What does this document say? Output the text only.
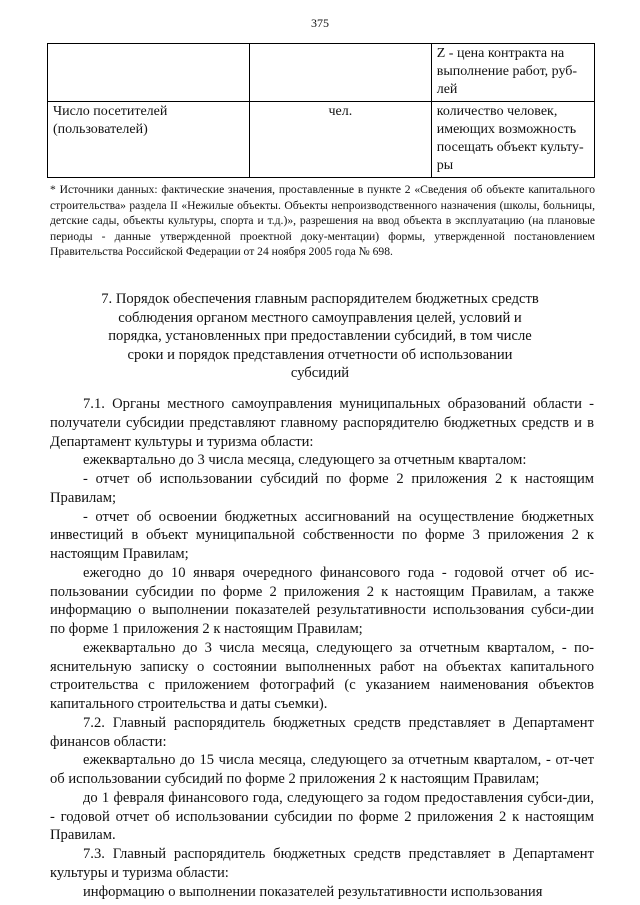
375
		Z - цена контракта на выполнение работ, руб-лей
Число посетителей (пользователей)	чел.	количество человек, имеющих возможность посещать объект культу-ры
* Источники данных: фактические значения, проставленные в пункте 2 «Сведения об объекте капитального строительства» раздела II «Нежилые объекты. Объекты непроизводственного назначения (школы, больницы, детские сады, объекты культуры, спорта и т.д.)», разрешения на ввод объекта в эксплуатацию (на плановые периоды - данные утвержденной проектной доку-ментации) формы, утвержденной постановлением Правительства Российской Федерации от 24 ноября 2005 года № 698.
7. Порядок обеспечения главным распорядителем бюджетных средств соблюдения органом местного самоуправления целей, условий и порядка, установленных при предоставлении субсидий, в том числе сроки и порядок представления отчетности об использовании субсидий

7.1. Органы местного самоуправления муниципальных образований области - получатели субсидии представляют главному распорядителю бюджетных средств и в Департамент культуры и туризма области:

ежеквартально до 3 числа месяца, следующего за отчетным кварталом:

- отчет об использовании субсидий по форме 2 приложения 2 к настоящим Правилам;

- отчет об освоении бюджетных ассигнований на осуществление бюджетных инвестиций в объект муниципальной собственности по форме 3 приложения 2 к настоящим Правилам;

ежегодно до 10 января очередного финансового года - годовой отчет об ис-пользовании субсидии по форме 2 приложения 2 к настоящим Правилам, а также информацию о выполнении показателей результативности использования субси-дии по форме 1 приложения 2 к настоящим Правилам;

ежеквартально до 3 числа месяца, следующего за отчетным кварталом, - по-яснительную записку о состоянии выполненных работ на объектах капитального строительства с приложением фотографий (с указанием наименования объектов капитального строительства и даты съемки).

7.2. Главный распорядитель бюджетных средств представляет в Департамент финансов области:

ежеквартально до 15 числа месяца, следующего за отчетным кварталом, - от-чет об использовании субсидий по форме 2 приложения 2 к настоящим Правилам;

до 1 февраля финансового года, следующего за годом предоставления субси-дии, - годовой отчет об использовании субсидии по форме 2 приложения 2 к настоящим Правилам.

7.3. Главный распорядитель бюджетных средств представляет в Департамент культуры и туризма области:

информацию о выполнении показателей результативности использования
